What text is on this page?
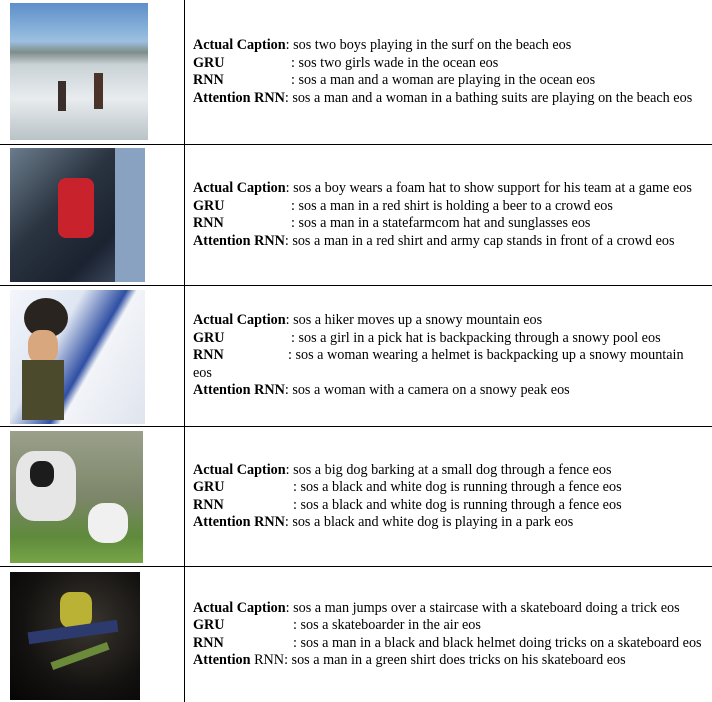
Actual Caption: sos two boys playing in the surf on the beach eos
GRU	: sos two girls wade in the ocean eos
RNN	: sos a man and a woman are playing in the ocean eos
Attention RNN: sos a man and a woman in a bathing suits are playing on the beach eos
Actual Caption: sos a boy wears a foam hat to show support for his team at a game eos
GRU	: sos a man in a red shirt is holding a beer to a crowd eos
RNN	: sos a man in a statefarmcom hat and sunglasses eos
Attention RNN: sos a man in a red shirt and army cap stands in front of a crowd eos
Actual Caption: sos a hiker moves up a snowy mountain eos
GRU	: sos a girl in a pick hat is backpacking through a snowy pool eos
RNN	: sos a woman wearing a helmet is backpacking up a snowy mountain eos
Attention RNN: sos a woman with a camera on a snowy peak eos
Actual Caption: sos a big dog barking at a small dog through a fence eos
GRU	: sos a black and white dog is running through a fence eos
RNN	: sos a black and white dog is running through a fence eos
Attention RNN: sos a black and white dog is playing in a park eos
Actual Caption: sos a man jumps over a staircase with a skateboard doing a trick eos
GRU	: sos a skateboarder in the air eos
RNN	: sos a man in a black and black helmet doing tricks on a skateboard eos
Attention RNN: sos a man in a green shirt does tricks on his skateboard eos
